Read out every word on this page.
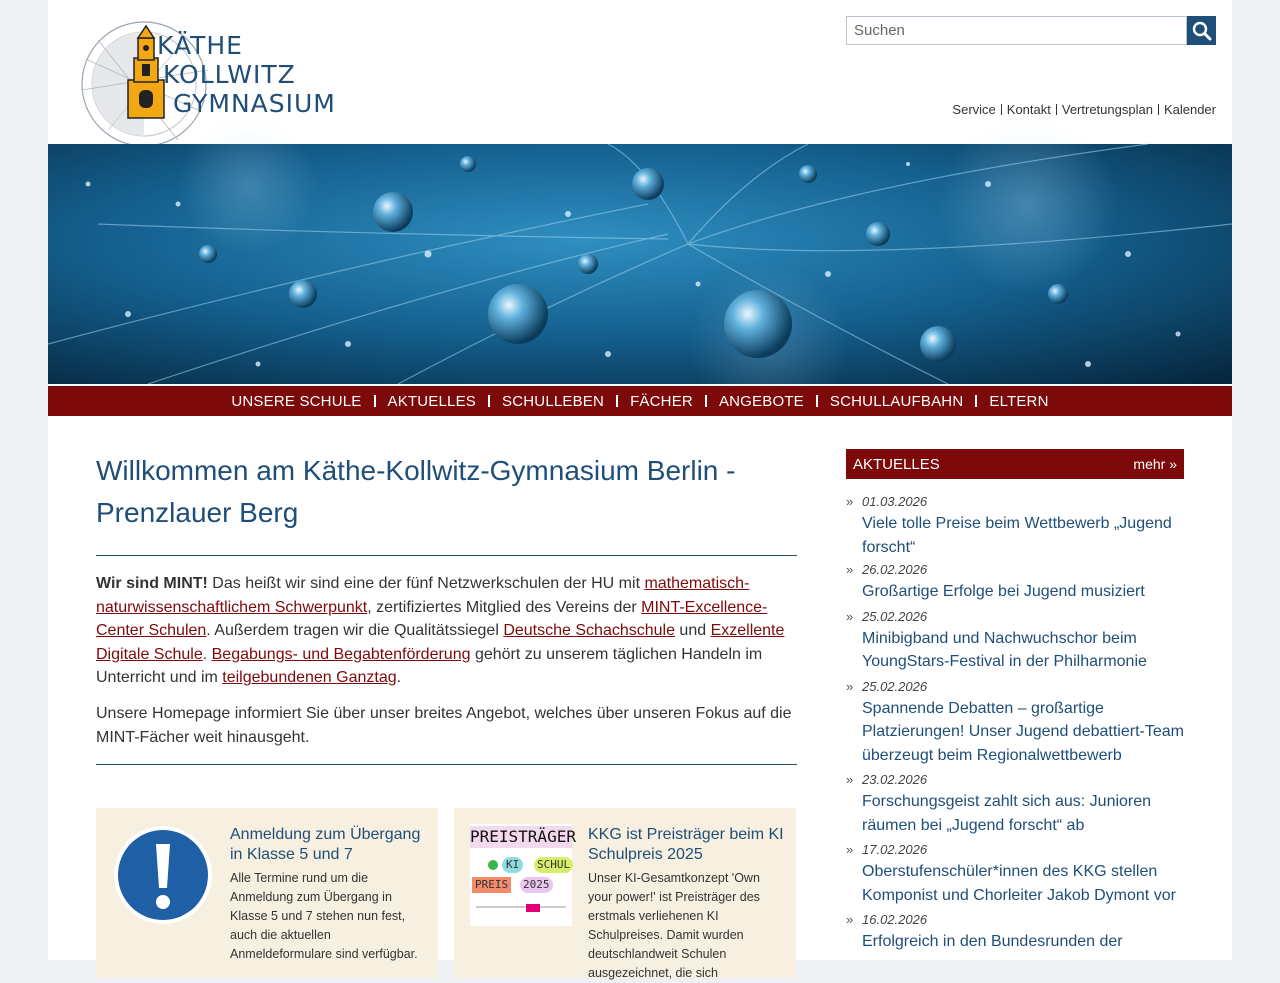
KÄTHE
KOLLWITZ
GYMNASIUM
Suchen	Service Kontakt Vertretungsplan Kalender
UNSERE SCHULE AKTUELLES SCHULLEBEN FÄCHER ANGEBOTE SCHULLAUFBAHN ELTERN
Willkommen am Käthe-Kollwitz-Gymnasium Berlin - Prenzlauer Berg

Wir sind MINT! Das heißt wir sind eine der fünf Netzwerkschulen der HU mit mathematisch-naturwissenschaftlichem Schwerpunkt, zertifiziertes Mitglied des Vereins der MINT-Excellence-Center Schulen. Außerdem tragen wir die Qualitätssiegel Deutsche Schachschule und Exzellente Digitale Schule. Begabungs- und Begabtenförderung gehört zu unserem täglichen Handeln im Unterricht und im teilgebundenen Ganztag.

Unsere Homepage informiert Sie über unser breites Angebot, welches über unseren Fokus auf die MINT-Fächer weit hinausgeht.

Anmeldung zum Übergang in Klasse 5 und 7
Alle Termine rund um die Anmeldung zum Übergang in Klasse 5 und 7 stehen nun fest, auch die aktuellen Anmeldeformulare sind verfügbar.
PREISTRÄGER
KI	SCHUL
PREIS 2025
KKG ist Preisträger beim KI Schulpreis 2025
Unser KI-Gesamtkonzept 'Own your power!' ist Preisträger des erstmals verliehenen KI Schulpreises. Damit wurden deutschlandweit Schulen ausgezeichnet, die sich
AKTUELLES	mehr »
» 01.03.2026
Viele tolle Preise beim Wettbewerb „Jugend forscht“
» 26.02.2026
Großartige Erfolge bei Jugend musiziert
» 25.02.2026
Minibigband und Nachwuchschor beim YoungStars-Festival in der Philharmonie
» 25.02.2026
Spannende Debatten – großartige Platzierungen! Unser Jugend debattiert-Team überzeugt beim Regionalwettbewerb
» 23.02.2026
Forschungsgeist zahlt sich aus: Junioren räumen bei „Jugend forscht“ ab
» 17.02.2026
Oberstufenschüler*innen des KKG stellen Komponist und Chorleiter Jakob Dymont vor
» 16.02.2026
Erfolgreich in den Bundesrunden der
